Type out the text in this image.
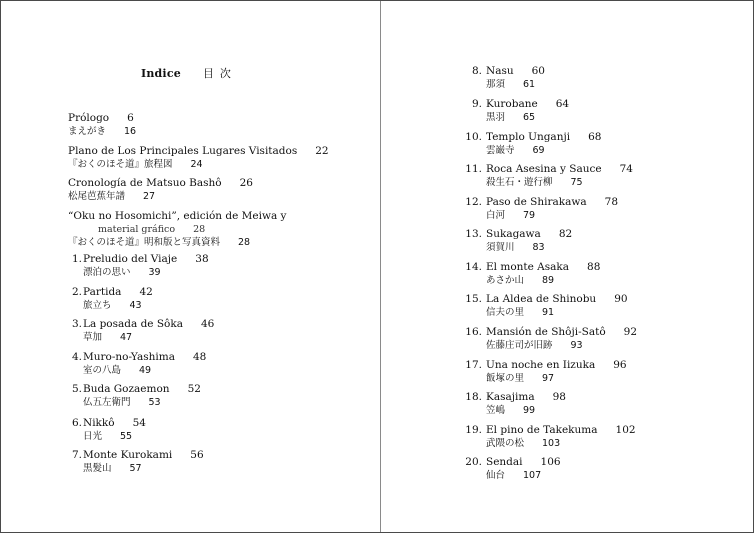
Indice 目次
Prólogo 6
まえがき 16
Plano de Los Principales Lugares Visitados 22
『おくのほそ道』旅程図 24
Cronología de Matsuo Bashô 26
松尾芭蕉年譜 27
“Oku no Hosomichi”, edición de Meiwa y
material gráfico 28
『おくのほそ道』明和版と写真資料 28
1. Preludio del Viaje 38
漂泊の思い 39
2. Partida 42
旅立ち 43
3. La posada de Sôka 46
草加 47
4. Muro-no-Yashima 48
室の八島 49
5. Buda Gozaemon 52
仏五左衛門 53
6. Nikkô 54
日光 55
7. Monte Kurokami 56
黒髪山 57
8. Nasu 60
那須 61
9. Kurobane 64
黒羽 65
10. Templo Unganji 68
雲巌寺 69
11. Roca Asesina y Sauce 74
殺生石・遊行柳 75
12. Paso de Shirakawa 78
白河 79
13. Sukagawa 82
須賀川 83
14. El monte Asaka 88
あさか山 89
15. La Aldea de Shinobu 90
信夫の里 91
16. Mansión de Shôji-Satô 92
佐藤庄司が旧跡 93
17. Una noche en Iizuka 96
飯塚の里 97
18. Kasajima 98
笠嶋 99
19. El pino de Takekuma 102
武隈の松 103
20. Sendai 106
仙台 107
